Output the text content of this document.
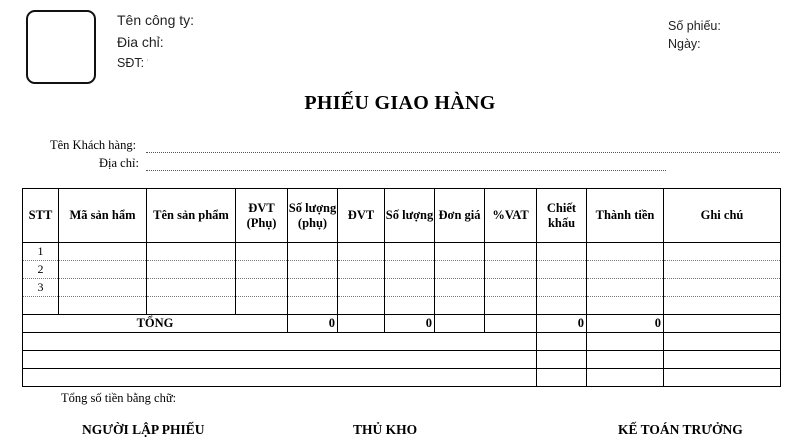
Tên công ty:
Đia chỉ:
SĐT: ˈ
Số phiếu:
Ngày:
PHIẾU GIAO HÀNG
Tên Khách hàng:
Địa chỉ:
STT	Mã sản hẩm	Tên sản phẩm	ĐVT (Phụ)	Số lượng (phụ)	ĐVT	Số lượng	Đơn giá	%VAT	Chiết khấu	Thành tiền	Ghi chú
1											
2											
3											

TỔNG				0		0			0	0	

Tổng số tiền bằng chữ:
NGƯỜI LẬP PHIẾU	THỦ KHO	KẾ TOÁN TRƯỞNG
